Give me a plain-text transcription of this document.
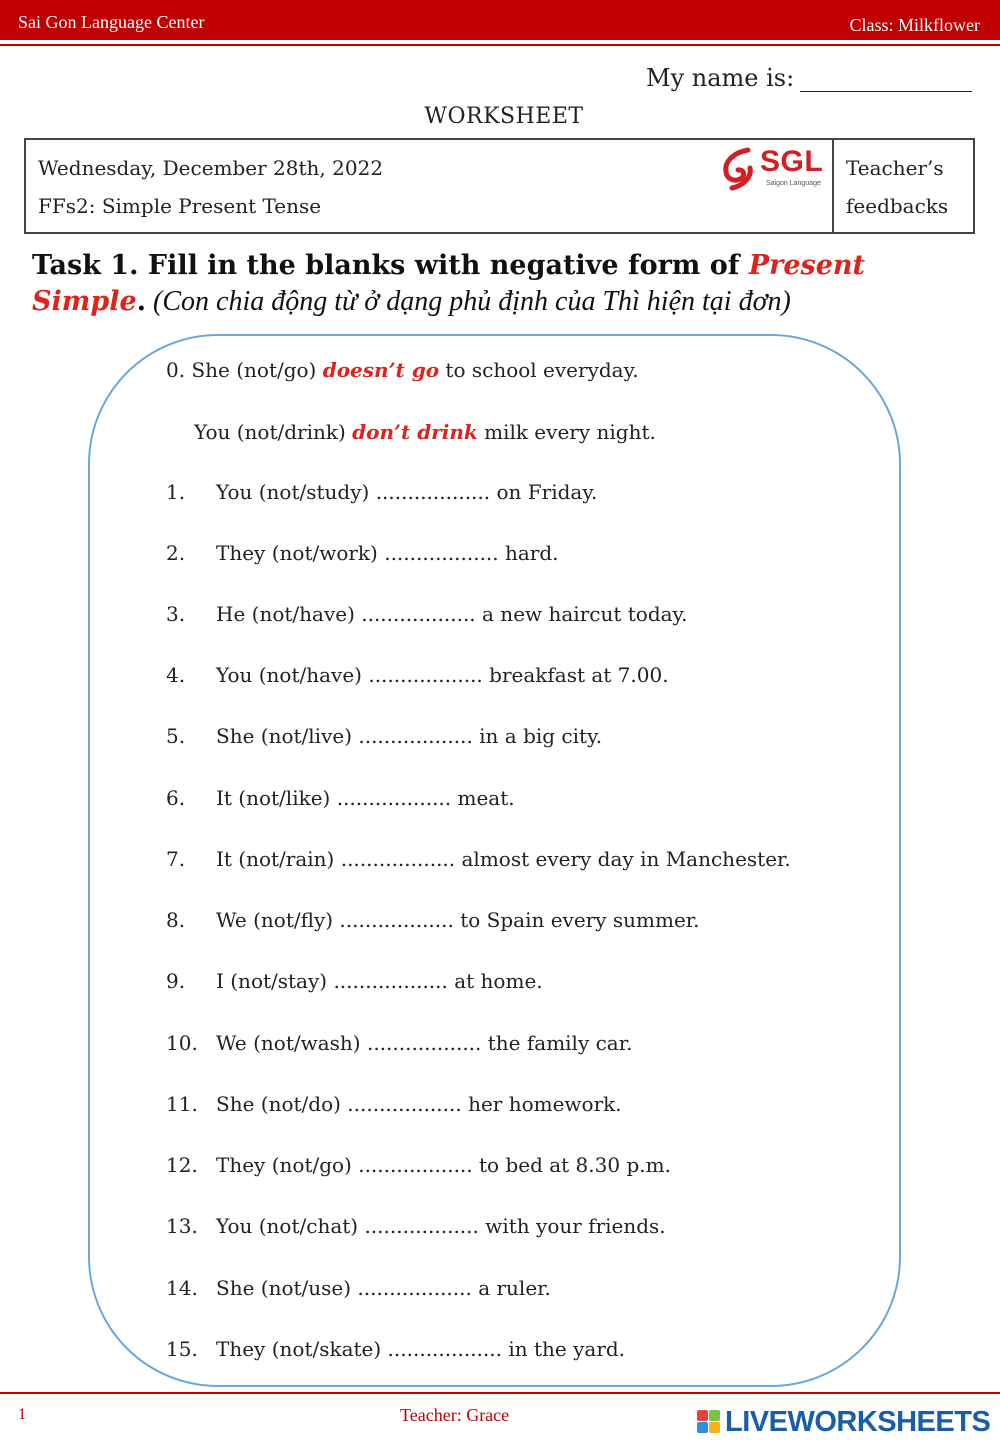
Sai Gon Language Center	Class: Milkflower
My name is:
WORKSHEET
Wednesday, December 28th, 2022
FFs2: Simple Present Tense
Teacher’s
feedbacks
SGL
Saigon Language
Task 1. Fill in the blanks with negative form of Present
Simple. (Con chia động từ ở dạng phủ định của Thì hiện tại đơn)
0. She (not/go) doesn’t go to school everyday.
You (not/drink) don’t drink milk every night.
1. You (not/study) .................. on Friday.
2. They (not/work) .................. hard.
3. He (not/have) .................. a new haircut today.
4. You (not/have) .................. breakfast at 7.00.
5. She (not/live) .................. in a big city.
6. It (not/like) .................. meat.
7. It (not/rain) .................. almost every day in Manchester.
8. We (not/fly) .................. to Spain every summer.
9. I (not/stay) .................. at home.
10. We (not/wash) .................. the family car.
11. She (not/do) .................. her homework.
12. They (not/go) .................. to bed at 8.30 p.m.
13. You (not/chat) .................. with your friends.
14. She (not/use) .................. a ruler.
15. They (not/skate) .................. in the yard.
1	Teacher: Grace	LIVEWORKSHEETS
